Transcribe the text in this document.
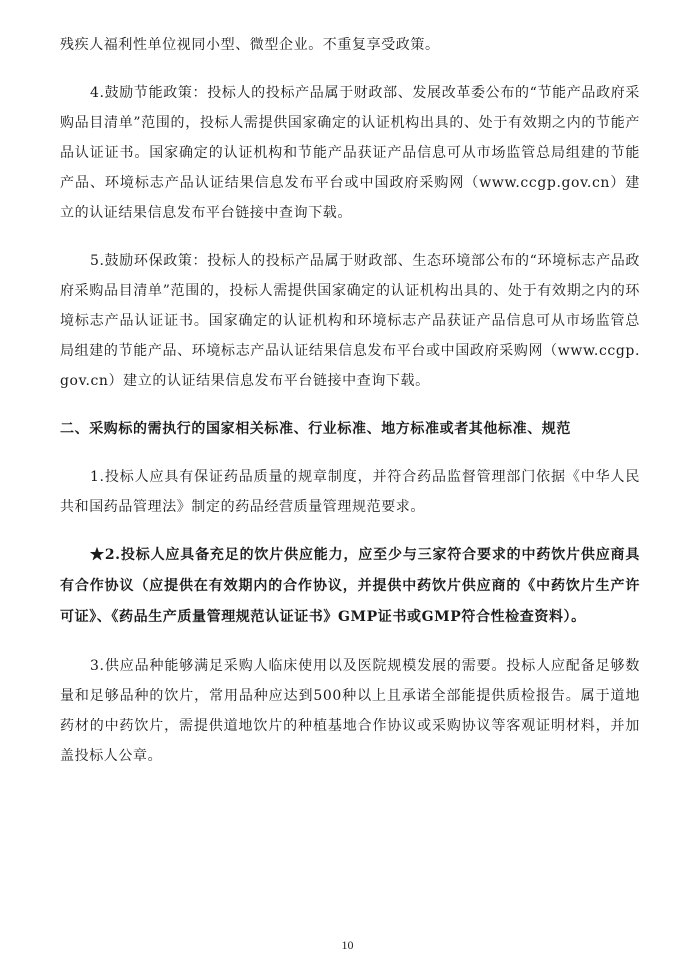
残疾人福利性单位视同小型、微型企业。不重复享受政策。

4.鼓励节能政策：投标人的投标产品属于财政部、发展改革委公布的“节能产品政府采购品目清单”范围的，投标人需提供国家确定的认证机构出具的、处于有效期之内的节能产品认证证书。国家确定的认证机构和节能产品获证产品信息可从市场监管总局组建的节能产品、环境标志产品认证结果信息发布平台或中国政府采购网（www.ccgp.gov.cn）建立的认证结果信息发布平台链接中查询下载。

5.鼓励环保政策：投标人的投标产品属于财政部、生态环境部公布的“环境标志产品政府采购品目清单”范围的，投标人需提供国家确定的认证机构出具的、处于有效期之内的环境标志产品认证证书。国家确定的认证机构和环境标志产品获证产品信息可从市场监管总局组建的节能产品、环境标志产品认证结果信息发布平台或中国政府采购网（www.ccgp.gov.cn）建立的认证结果信息发布平台链接中查询下载。

二、采购标的需执行的国家相关标准、行业标准、地方标准或者其他标准、规范

1.投标人应具有保证药品质量的规章制度，并符合药品监督管理部门依据《中华人民共和国药品管理法》制定的药品经营质量管理规范要求。

★2.投标人应具备充足的饮片供应能力，应至少与三家符合要求的中药饮片供应商具有合作协议（应提供在有效期内的合作协议，并提供中药饮片供应商的《中药饮片生产许可证》、《药品生产质量管理规范认证证书》GMP证书或GMP符合性检查资料）。

3.供应品种能够满足采购人临床使用以及医院规模发展的需要。投标人应配备足够数量和足够品种的饮片，常用品种应达到500种以上且承诺全部能提供质检报告。属于道地药材的中药饮片，需提供道地饮片的种植基地合作协议或采购协议等客观证明材料，并加盖投标人公章。

10
